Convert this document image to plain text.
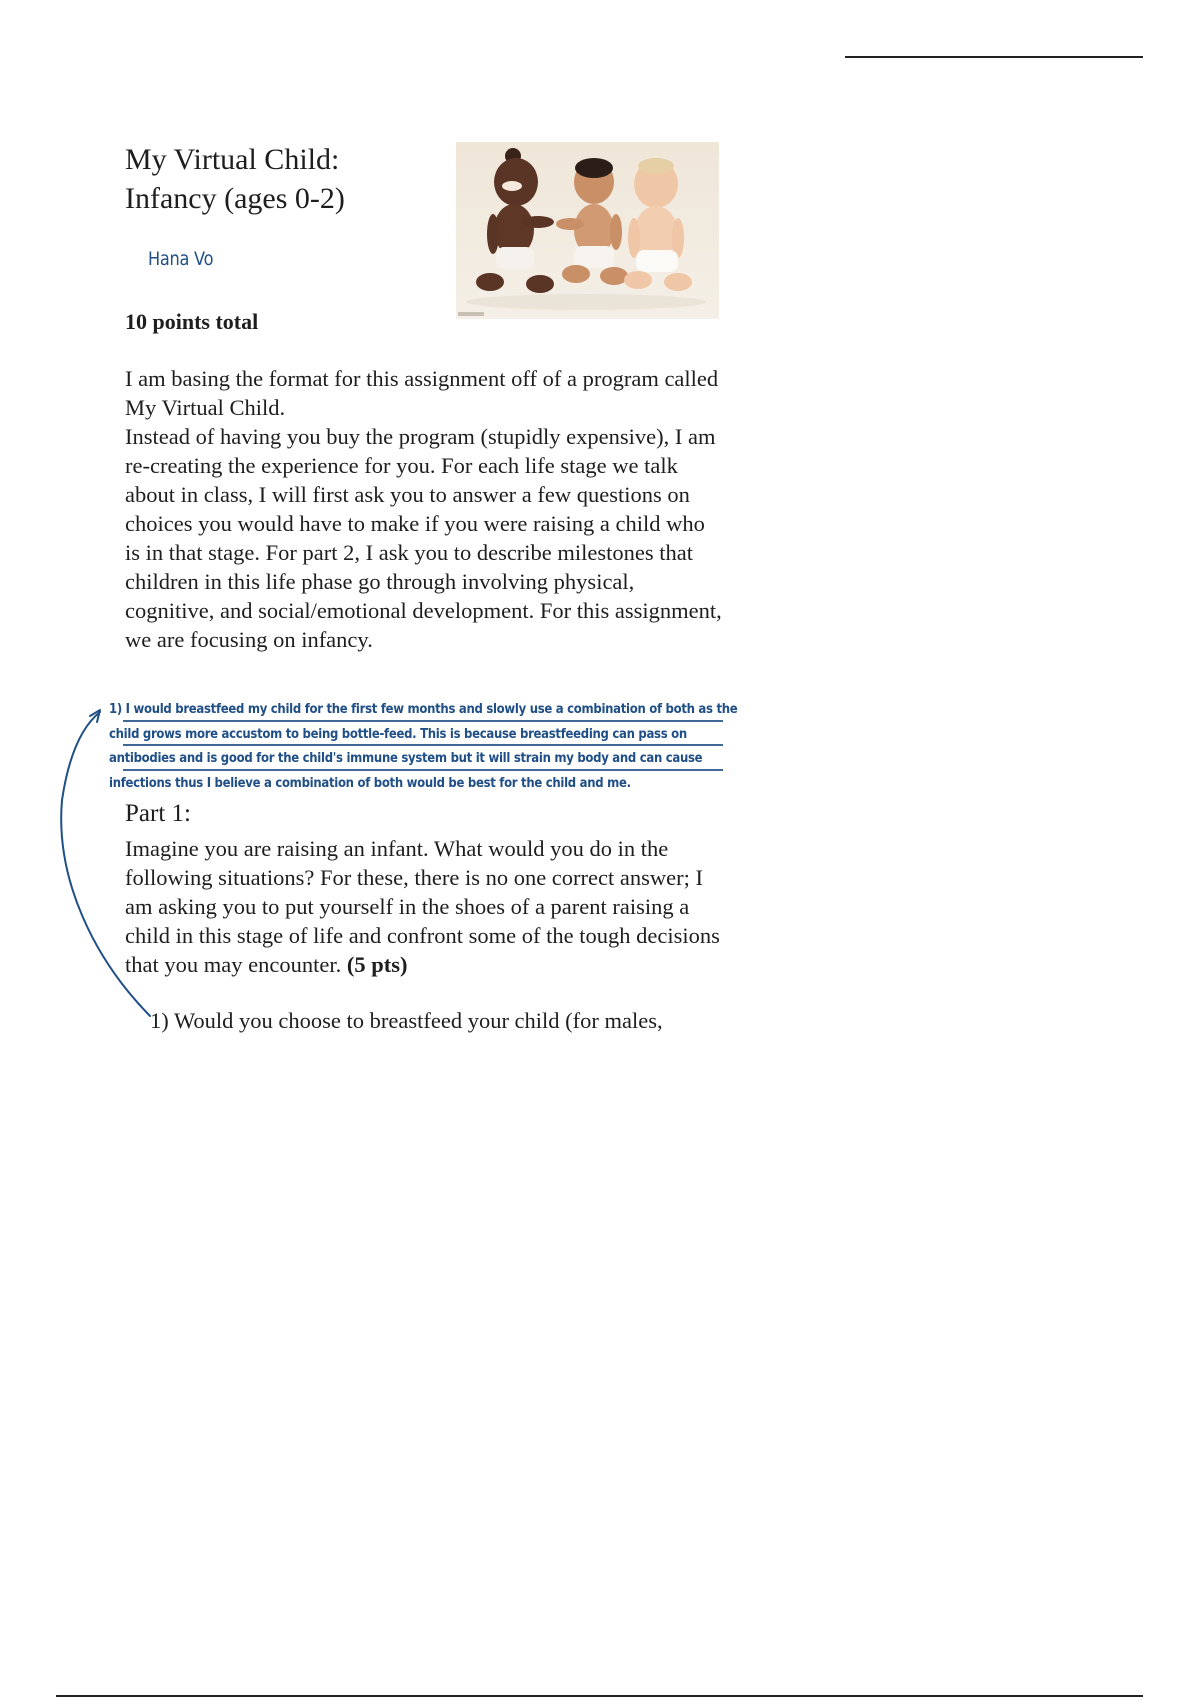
My Virtual Child:
Infancy (ages 0-2)
Hana Vo

10 points total

I am basing the format for this assignment off of a program called My Virtual Child.

Instead of having you buy the program (stupidly expensive), I am re-creating the experience for you. For each life stage we talk about in class, I will first ask you to answer a few questions on choices you would have to make if you were raising a child who is in that stage. For part 2, I ask you to describe milestones that children in this life phase go through involving physical, cognitive, and social/emotional development. For this assignment, we are focusing on infancy.

1) I would breastfeed my child for the first few months and slowly use a combination of both as the
child grows more accustom to being bottle-feed. This is because breastfeeding can pass on
antibodies and is good for the child's immune system but it will strain my body and can cause
infections thus I believe a combination of both would be best for the child and me.
Part 1:

Imagine you are raising an infant. What would you do in the following situations? For these, there is no one correct answer; I am asking you to put yourself in the shoes of a parent raising a child in this stage of life and confront some of the tough decisions that you may encounter. (5 pts)

1) Would you choose to breastfeed your child (for males,
